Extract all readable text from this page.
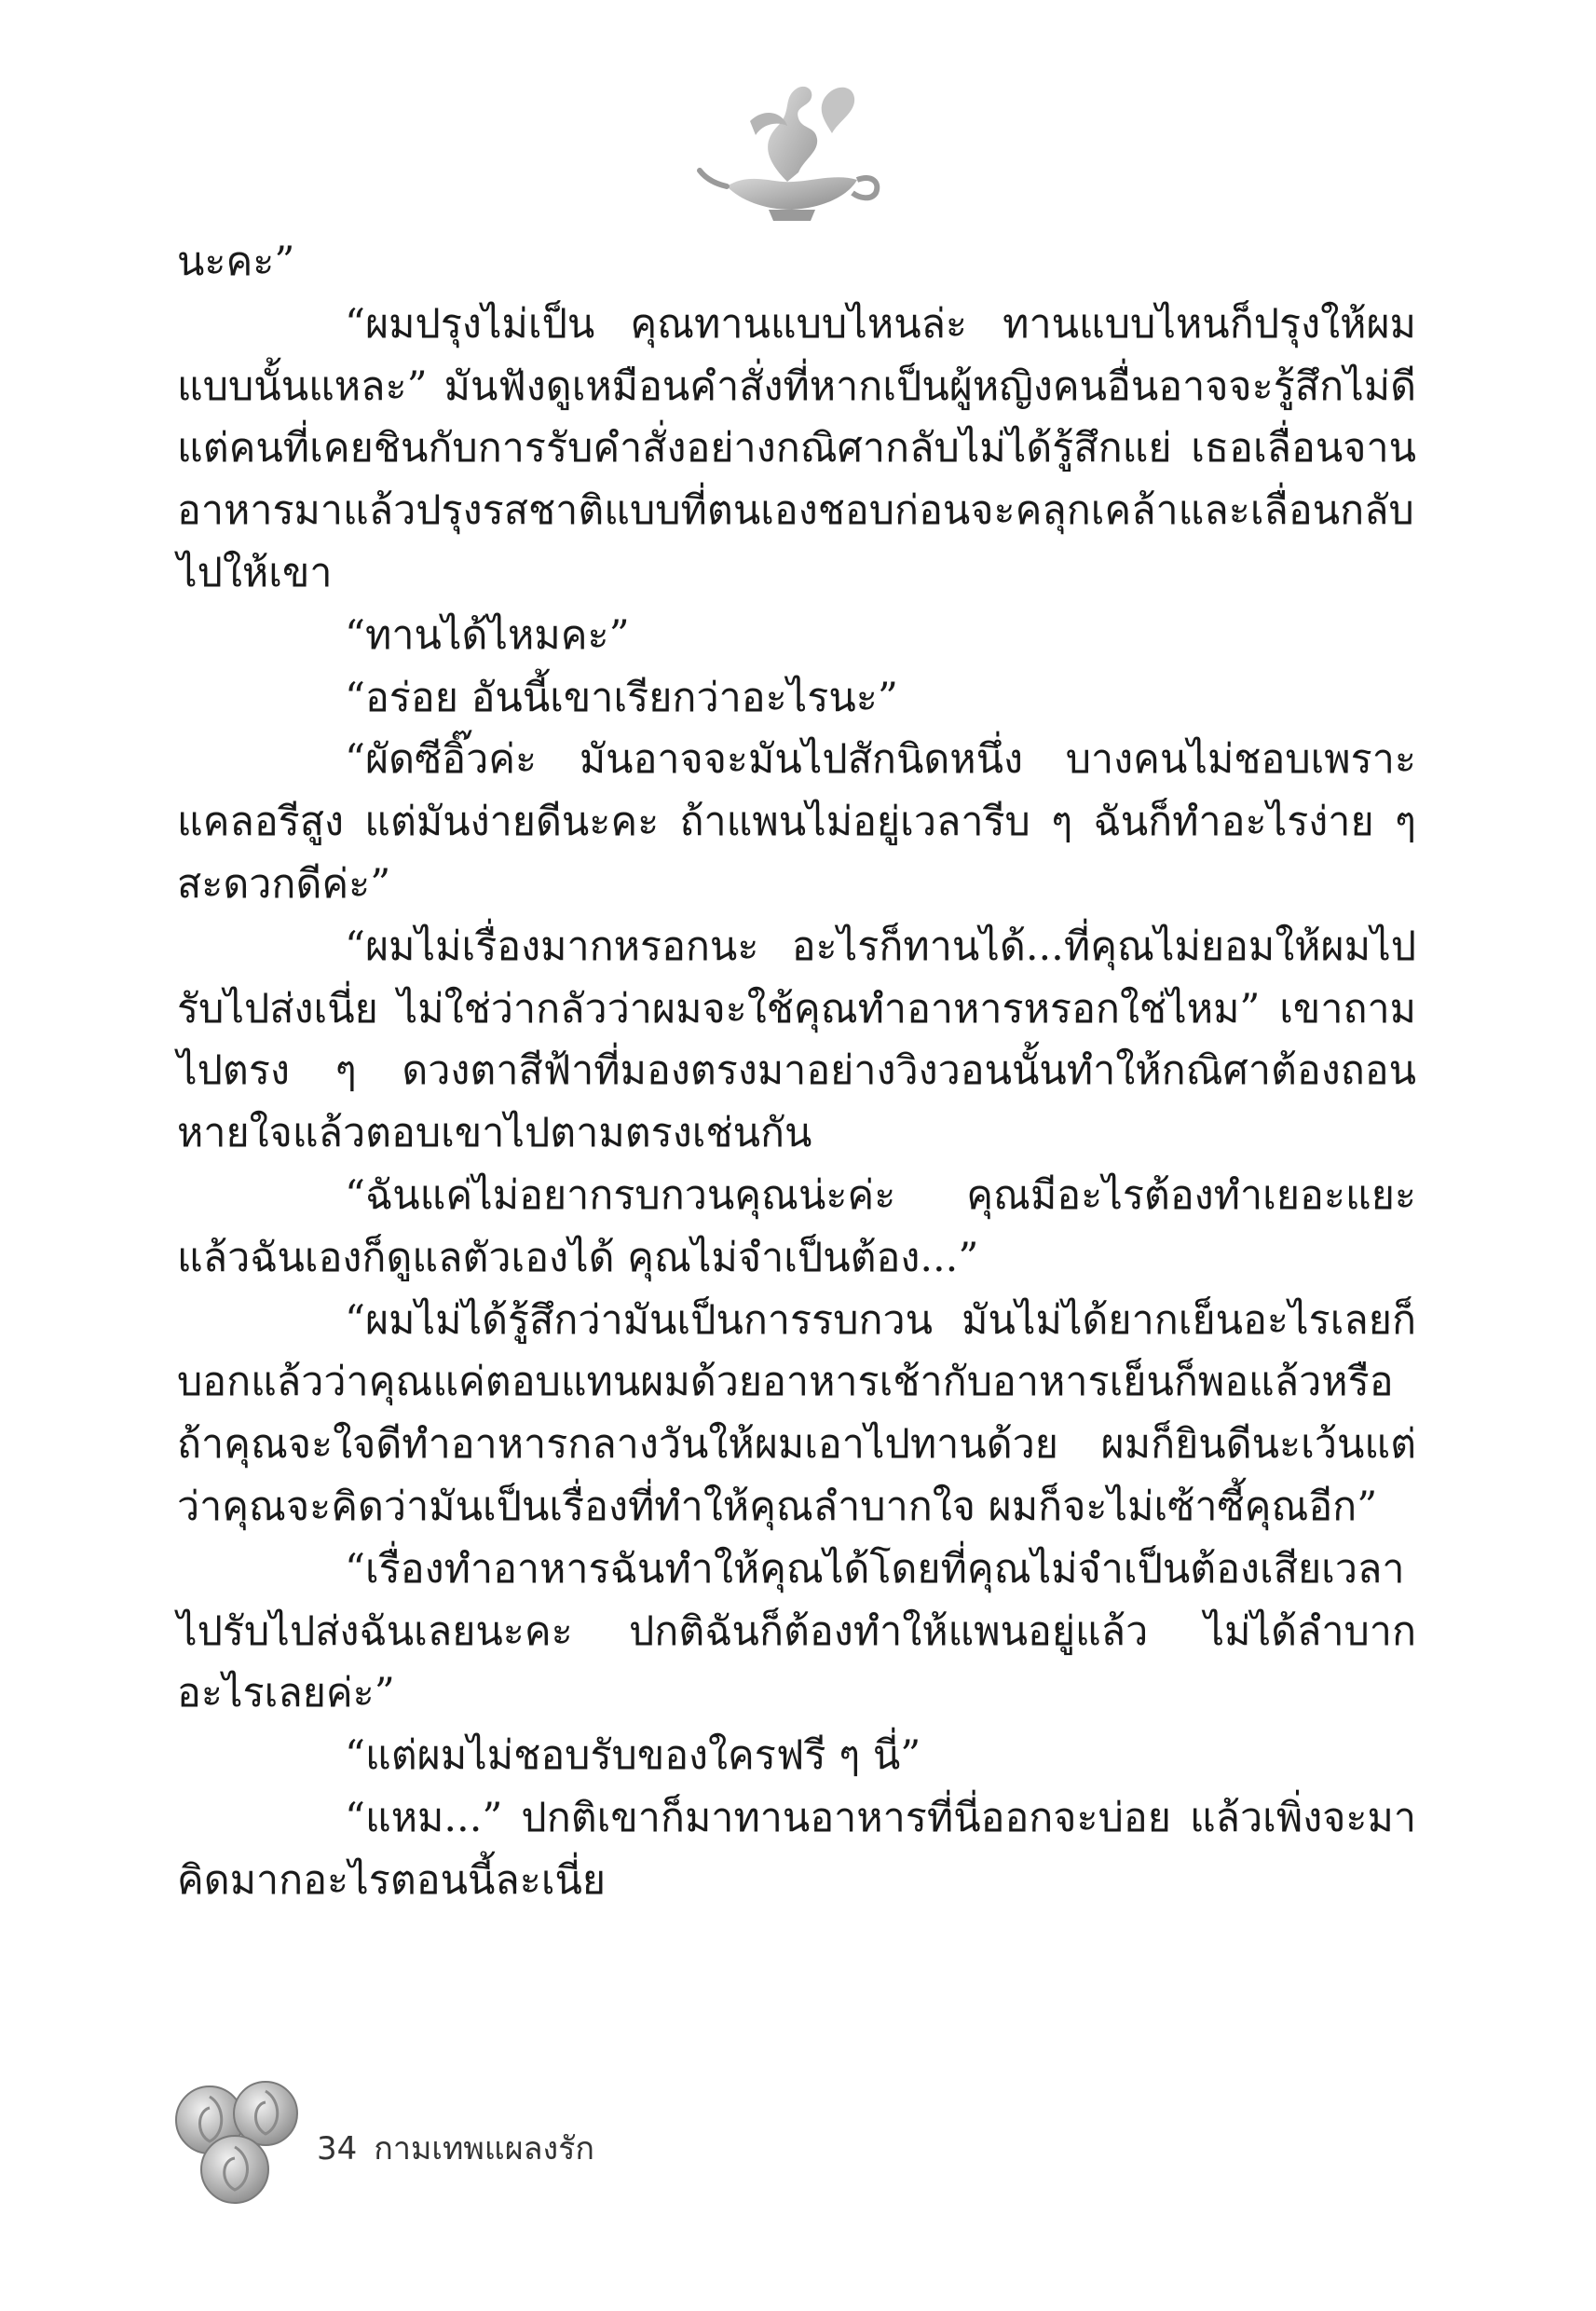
นะคะ”

“ผมปรุงไม่เป็น คุณทานแบบไหนล่ะ ทานแบบไหนก็ปรุงให้ผมแบบนั้นแหละ” มันฟังดูเหมือนคำสั่งที่หากเป็นผู้หญิงคนอื่นอาจจะรู้สึกไม่ดี แต่คนที่เคยชินกับการรับคำสั่งอย่างกณิศากลับไม่ได้รู้สึกแย่ เธอเลื่อนจานอาหารมาแล้วปรุงรสชาติแบบที่ตนเองชอบก่อนจะคลุกเคล้าและเลื่อนกลับไปให้เขา

“ทานได้ไหมคะ”

“อร่อย อันนี้เขาเรียกว่าอะไรนะ”

“ผัดซีอิ๊วค่ะ มันอาจจะมันไปสักนิดหนึ่ง บางคนไม่ชอบเพราะแคลอรีสูง แต่มันง่ายดีนะคะ ถ้าแพนไม่อยู่เวลารีบ ๆ ฉันก็ทำอะไรง่าย ๆ สะดวกดีค่ะ”

“ผมไม่เรื่องมากหรอกนะ อะไรก็ทานได้...ที่คุณไม่ยอมให้ผมไปรับไปส่งเนี่ย ไม่ใช่ว่ากลัวว่าผมจะใช้คุณทำอาหารหรอกใช่ไหม” เขาถามไปตรง ๆ ดวงตาสีฟ้าที่มองตรงมาอย่างวิงวอนนั้นทำให้กณิศาต้องถอนหายใจแล้วตอบเขาไปตามตรงเช่นกัน

“ฉันแค่ไม่อยากรบกวนคุณน่ะค่ะ คุณมีอะไรต้องทำเยอะแยะแล้วฉันเองก็ดูแลตัวเองได้ คุณไม่จำเป็นต้อง...”

“ผมไม่ได้รู้สึกว่ามันเป็นการรบกวน มันไม่ได้ยากเย็นอะไรเลยก็บอกแล้วว่าคุณแค่ตอบแทนผมด้วยอาหารเช้ากับอาหารเย็นก็พอแล้วหรือถ้าคุณจะใจดีทำอาหารกลางวันให้ผมเอาไปทานด้วย ผมก็ยินดีนะเว้นแต่ว่าคุณจะคิดว่ามันเป็นเรื่องที่ทำให้คุณลำบากใจ ผมก็จะไม่เซ้าซี้คุณอีก”

“เรื่องทำอาหารฉันทำให้คุณได้โดยที่คุณไม่จำเป็นต้องเสียเวลาไปรับไปส่งฉันเลยนะคะ ปกติฉันก็ต้องทำให้แพนอยู่แล้ว ไม่ได้ลำบากอะไรเลยค่ะ”

“แต่ผมไม่ชอบรับของใครฟรี ๆ นี่”

“แหม...” ปกติเขาก็มาทานอาหารที่นี่ออกจะบ่อย แล้วเพิ่งจะมาคิดมากอะไรตอนนี้ละเนี่ย

34 กามเทพแผลงรัก
